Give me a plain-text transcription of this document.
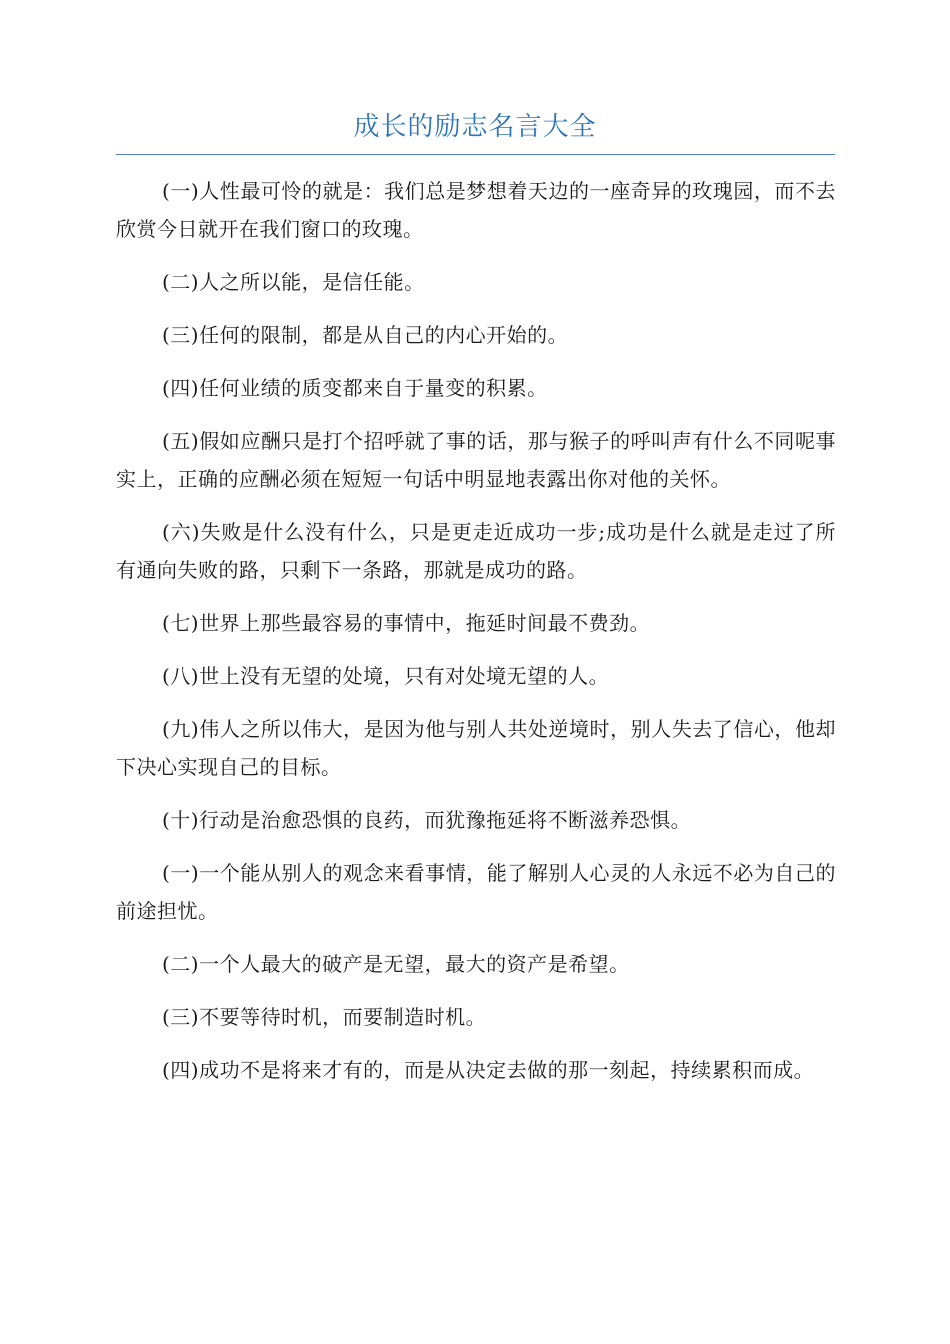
成长的励志名言大全

(一)人性最可怜的就是：我们总是梦想着天边的一座奇异的玫瑰园，而不去欣赏今日就开在我们窗口的玫瑰。

(二)人之所以能，是信任能。

(三)任何的限制，都是从自己的内心开始的。

(四)任何业绩的质变都来自于量变的积累。

(五)假如应酬只是打个招呼就了事的话，那与猴子的呼叫声有什么不同呢事实上，正确的应酬必须在短短一句话中明显地表露出你对他的关怀。

(六)失败是什么没有什么，只是更走近成功一步;成功是什么就是走过了所有通向失败的路，只剩下一条路，那就是成功的路。

(七)世界上那些最容易的事情中，拖延时间最不费劲。

(八)世上没有无望的处境，只有对处境无望的人。

(九)伟人之所以伟大，是因为他与别人共处逆境时，别人失去了信心，他却下决心实现自己的目标。

(十)行动是治愈恐惧的良药，而犹豫拖延将不断滋养恐惧。

(一)一个能从别人的观念来看事情，能了解别人心灵的人永远不必为自己的前途担忧。

(二)一个人最大的破产是无望，最大的资产是希望。

(三)不要等待时机，而要制造时机。

(四)成功不是将来才有的，而是从决定去做的那一刻起，持续累积而成。
